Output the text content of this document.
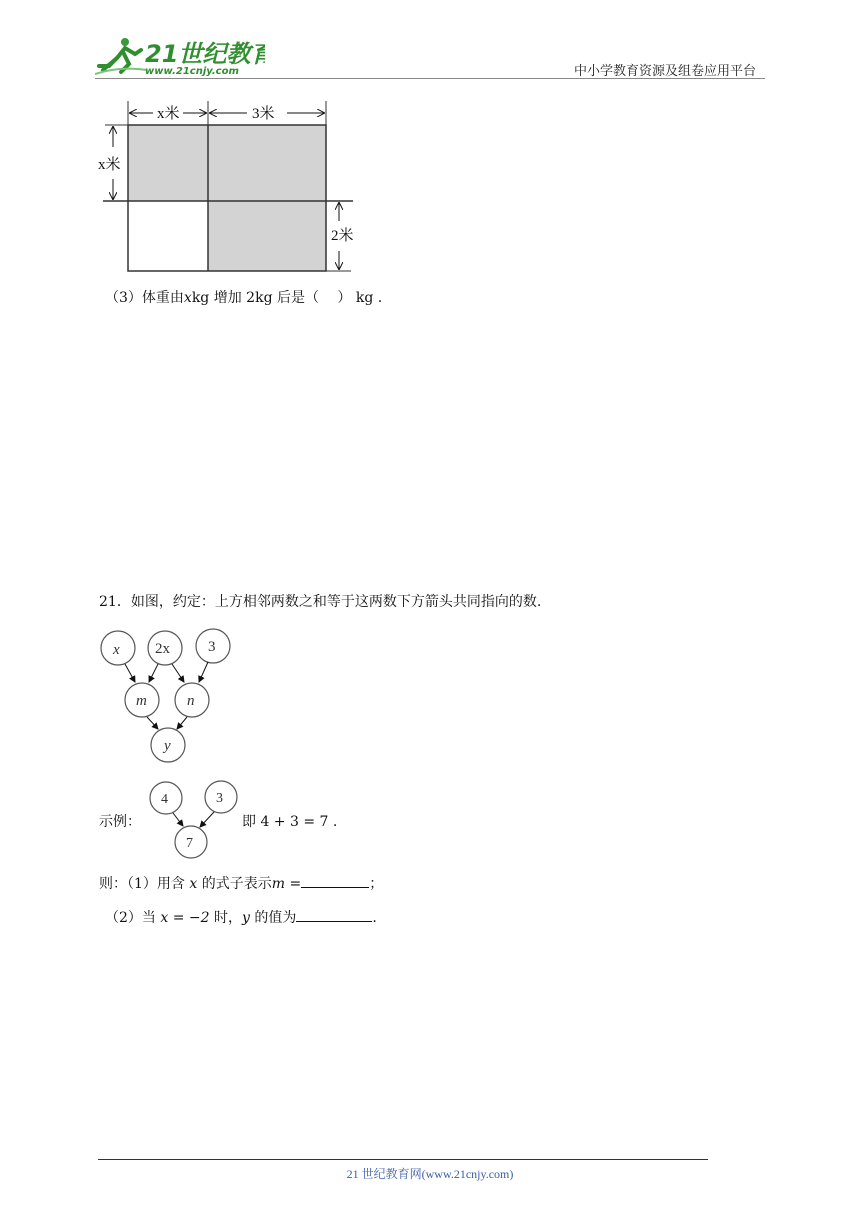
21世纪教育
www.21cnjy.com	中小学教育资源及组卷应用平台
x米	3米
x米
2米
（3）体重由xkg 增加 2kg 后是（　 ） kg .
21．如图，约定：上方相邻两数之和等于这两数下方箭头共同指向的数.
x 2x	3
m	n
y
示例：
4	3
7
即 4 + 3 = 7 .
则：（1）用含 x 的式子表示m =	；
（2）当 x = −2 时，y 的值为	.
21 世纪教育网(www.21cnjy.com)
